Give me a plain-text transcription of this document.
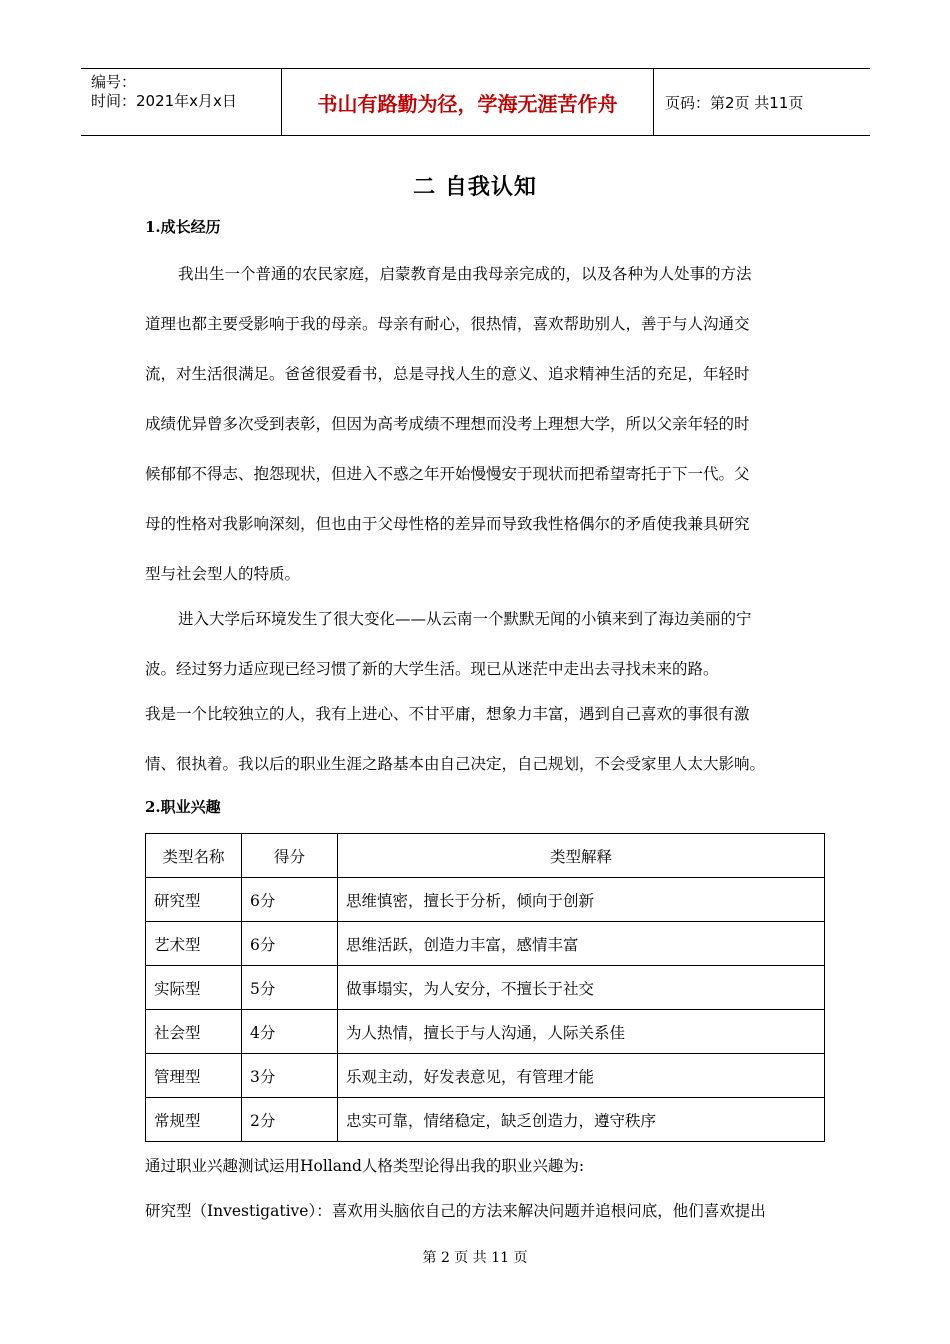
编号：
时间：2021年x月x日	书山有路勤为径，学海无涯苦作舟	页码：第2页 共11页
二 自我认知
1.成长经历
我出生一个普通的农民家庭，启蒙教育是由我母亲完成的，以及各种为人处事的方法
道理也都主要受影响于我的母亲。母亲有耐心，很热情，喜欢帮助别人，善于与人沟通交
流，对生活很满足。爸爸很爱看书，总是寻找人生的意义、追求精神生活的充足，年轻时
成绩优异曾多次受到表彰，但因为高考成绩不理想而没考上理想大学，所以父亲年轻的时
候郁郁不得志、抱怨现状，但进入不惑之年开始慢慢安于现状而把希望寄托于下一代。父
母的性格对我影响深刻，但也由于父母性格的差异而导致我性格偶尔的矛盾使我兼具研究
型与社会型人的特质。
进入大学后环境发生了很大变化——从云南一个默默无闻的小镇来到了海边美丽的宁
波。经过努力适应现已经习惯了新的大学生活。现已从迷茫中走出去寻找未来的路。
我是一个比较独立的人，我有上进心、不甘平庸，想象力丰富，遇到自己喜欢的事很有激
情、很执着。我以后的职业生涯之路基本由自己决定，自己规划，不会受家里人太大影响。
2.职业兴趣
类型名称	得分	类型解释
研究型	6分	思维慎密，擅长于分析，倾向于创新
艺术型	6分	思维活跃，创造力丰富，感情丰富
实际型	5分	做事塌实，为人安分，不擅长于社交
社会型	4分	为人热情，擅长于与人沟通，人际关系佳
管理型	3分	乐观主动，好发表意见，有管理才能
常规型	2分	忠实可靠，情绪稳定，缺乏创造力，遵守秩序
通过职业兴趣测试运用Holland人格类型论得出我的职业兴趣为:
研究型（Investigative）：喜欢用头脑依自己的方法来解决问题并追根问底，他们喜欢提出
第 2 页 共 11 页
